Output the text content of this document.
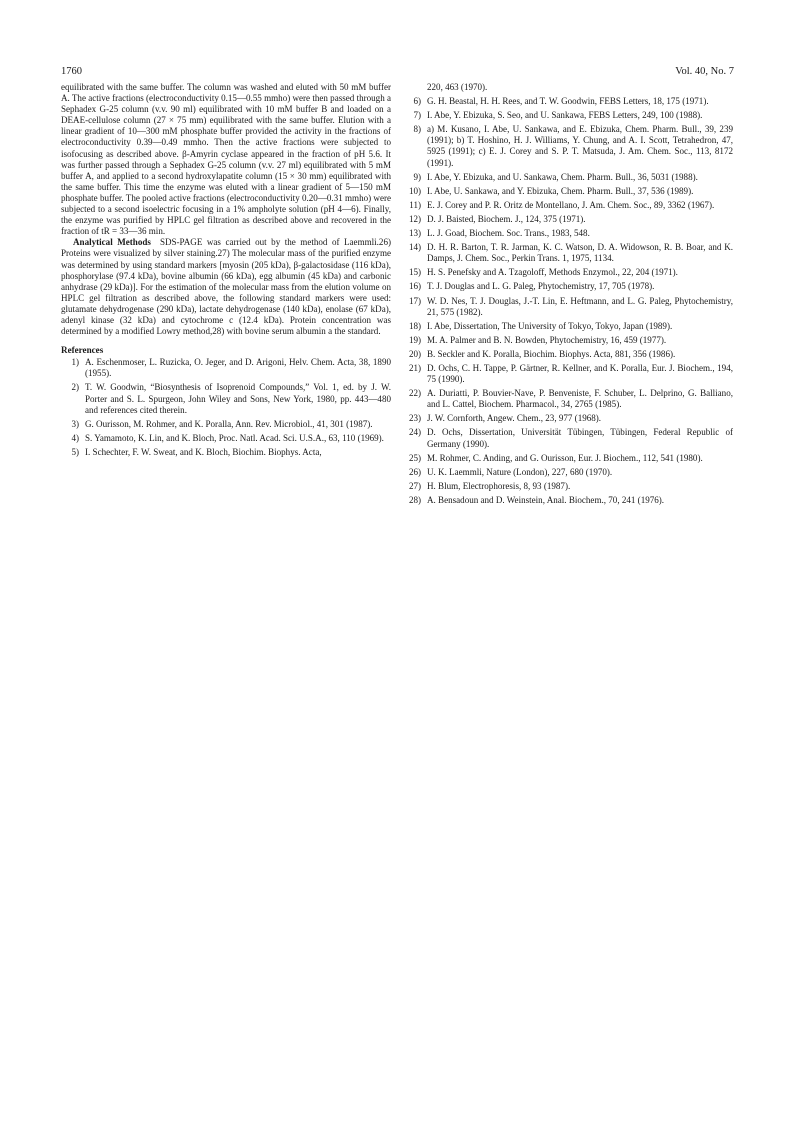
1760	Vol. 40, No. 7

equilibrated with the same buffer. The column was washed and eluted with 50 mM buffer A. The active fractions (electroconductivity 0.15—0.55 mmho) were then passed through a Sephadex G-25 column (v.v. 90 ml) equilibrated with 10 mM buffer B and loaded on a DEAE-cellulose column (27 × 75 mm) equilibrated with the same buffer. Elution with a linear gradient of 10—300 mM phosphate buffer provided the activity in the fractions of electroconductivity 0.39—0.49 mmho. Then the active fractions were subjected to isofocusing as described above. β-Amyrin cyclase appeared in the fraction of pH 5.6. It was further passed through a Sephadex G-25 column (v.v. 27 ml) equilibrated with 5 mM buffer A, and applied to a second hydroxylapatite column (15 × 30 mm) equilibrated with the same buffer. This time the enzyme was eluted with a linear gradient of 5—150 mM phosphate buffer. The pooled active fractions (electroconductivity 0.20—0.31 mmho) were subjected to a second isoelectric focusing in a 1% ampholyte solution (pH 4—6). Finally, the enzyme was purified by HPLC gel filtration as described above and recovered in the fraction of tR = 33—36 min.

Analytical Methods SDS-PAGE was carried out by the method of Laemmli.26) Proteins were visualized by silver staining.27) The molecular mass of the purified enzyme was determined by using standard markers [myosin (205 kDa), β-galactosidase (116 kDa), phosphorylase (97.4 kDa), bovine albumin (66 kDa), egg albumin (45 kDa) and carbonic anhydrase (29 kDa)]. For the estimation of the molecular mass from the elution volume on HPLC gel filtration as described above, the following standard markers were used: glutamate dehydrogenase (290 kDa), lactate dehydrogenase (140 kDa), enolase (67 kDa), adenyl kinase (32 kDa) and cytochrome c (12.4 kDa). Protein concentration was determined by a modified Lowry method,28) with bovine serum albumin a the standard.

References
1) A. Eschenmoser, L. Ruzicka, O. Jeger, and D. Arigoni, Helv. Chem. Acta, 38, 1890 (1955).
2) T. W. Goodwin, “Biosynthesis of Isoprenoid Compounds,” Vol. 1, ed. by J. W. Porter and S. L. Spurgeon, John Wiley and Sons, New York, 1980, pp. 443—480 and references cited therein.
3) G. Ourisson, M. Rohmer, and K. Poralla, Ann. Rev. Microbiol., 41, 301 (1987).
4) S. Yamamoto, K. Lin, and K. Bloch, Proc. Natl. Acad. Sci. U.S.A., 63, 110 (1969).
5) I. Schechter, F. W. Sweat, and K. Bloch, Biochim. Biophys. Acta,
220, 463 (1970).
6) G. H. Beastal, H. H. Rees, and T. W. Goodwin, FEBS Letters, 18, 175 (1971).
7) I. Abe, Y. Ebizuka, S. Seo, and U. Sankawa, FEBS Letters, 249, 100 (1988).
8) a) M. Kusano, I. Abe, U. Sankawa, and E. Ebizuka, Chem. Pharm. Bull., 39, 239 (1991); b) T. Hoshino, H. J. Williams, Y. Chung, and A. I. Scott, Tetrahedron, 47, 5925 (1991); c) E. J. Corey and S. P. T. Matsuda, J. Am. Chem. Soc., 113, 8172 (1991).
9) I. Abe, Y. Ebizuka, and U. Sankawa, Chem. Pharm. Bull., 36, 5031 (1988).
10) I. Abe, U. Sankawa, and Y. Ebizuka, Chem. Pharm. Bull., 37, 536 (1989).
11) E. J. Corey and P. R. Oritz de Montellano, J. Am. Chem. Soc., 89, 3362 (1967).
12) D. J. Baisted, Biochem. J., 124, 375 (1971).
13) L. J. Goad, Biochem. Soc. Trans., 1983, 548.
14) D. H. R. Barton, T. R. Jarman, K. C. Watson, D. A. Widowson, R. B. Boar, and K. Damps, J. Chem. Soc., Perkin Trans. 1, 1975, 1134.
15) H. S. Penefsky and A. Tzagoloff, Methods Enzymol., 22, 204 (1971).
16) T. J. Douglas and L. G. Paleg, Phytochemistry, 17, 705 (1978).
17) W. D. Nes, T. J. Douglas, J.-T. Lin, E. Heftmann, and L. G. Paleg, Phytochemistry, 21, 575 (1982).
18) I. Abe, Dissertation, The University of Tokyo, Tokyo, Japan (1989).
19) M. A. Palmer and B. N. Bowden, Phytochemistry, 16, 459 (1977).
20) B. Seckler and K. Poralla, Biochim. Biophys. Acta, 881, 356 (1986).
21) D. Ochs, C. H. Tappe, P. Gärtner, R. Kellner, and K. Poralla, Eur. J. Biochem., 194, 75 (1990).
22) A. Duriatti, P. Bouvier-Nave, P. Benveniste, F. Schuber, L. Delprino, G. Balliano, and L. Cattel, Biochem. Pharmacol., 34, 2765 (1985).
23) J. W. Cornforth, Angew. Chem., 23, 977 (1968).
24) D. Ochs, Dissertation, Universität Tübingen, Tübingen, Federal Republic of Germany (1990).
25) M. Rohmer, C. Anding, and G. Ourisson, Eur. J. Biochem., 112, 541 (1980).
26) U. K. Laemmli, Nature (London), 227, 680 (1970).
27) H. Blum, Electrophoresis, 8, 93 (1987).
28) A. Bensadoun and D. Weinstein, Anal. Biochem., 70, 241 (1976).
